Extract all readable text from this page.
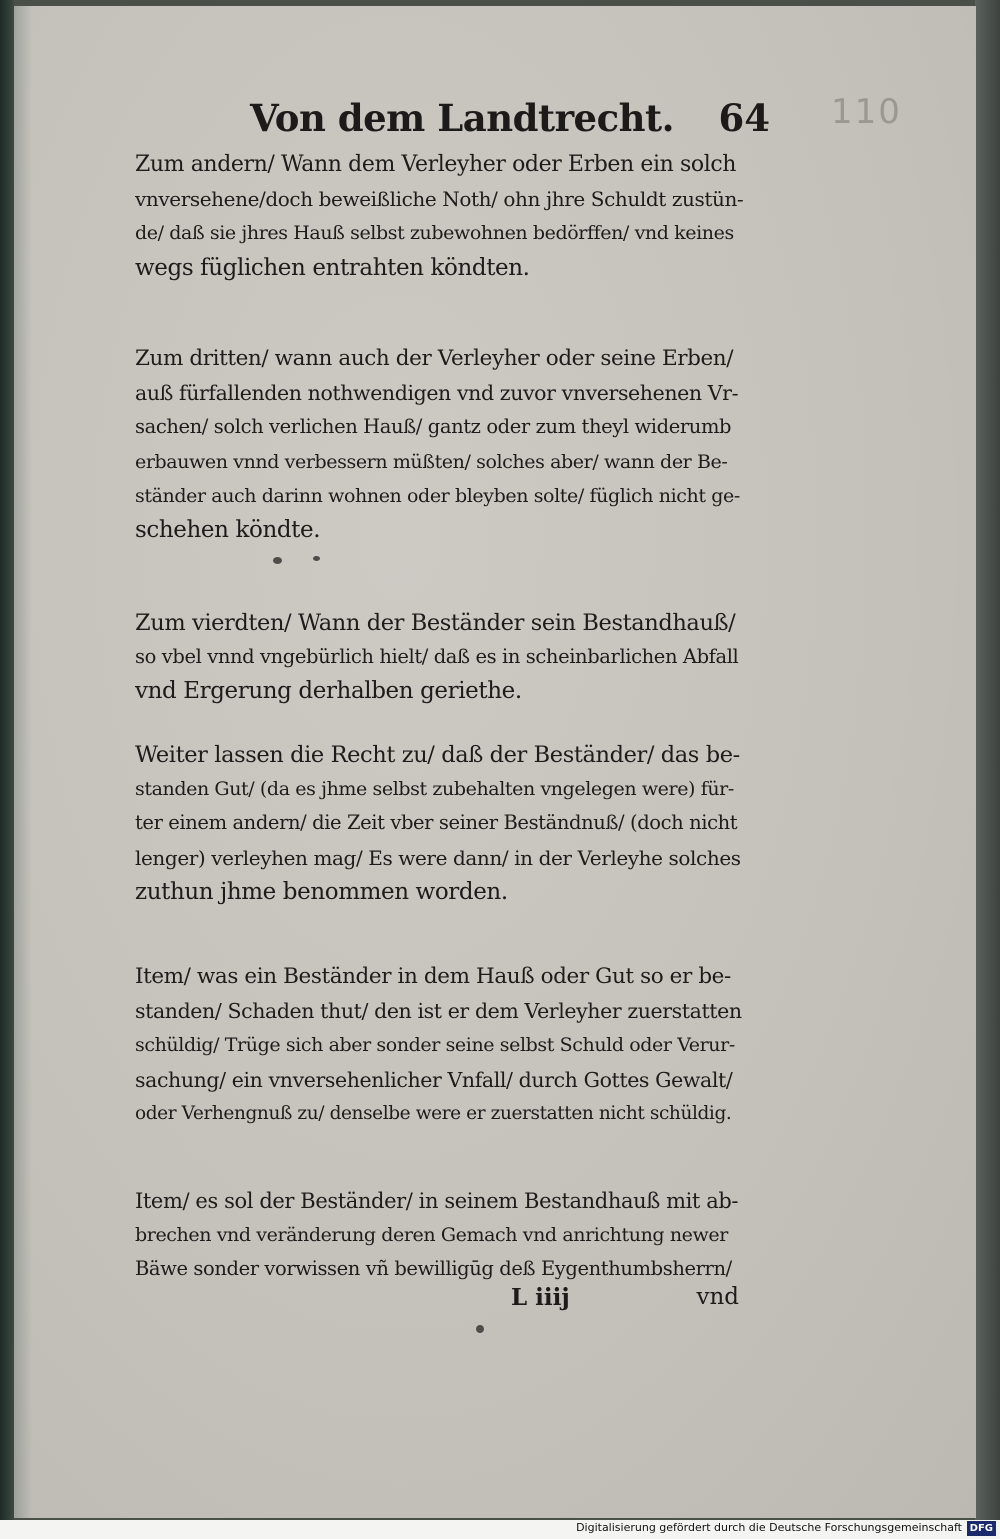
Von dem Landtrecht. 64 110
Zum andern/ Wann dem Verleyher oder Erben ein solch
vnversehene/doch beweißliche Noth/ ohn jhre Schuldt zustün-
de/ daß sie jhres Hauß selbst zubewohnen bedörffen/ vnd keines
wegs füglichen entrahten köndten.
Zum dritten/ wann auch der Verleyher oder seine Erben/
auß fürfallenden nothwendigen vnd zuvor vnversehenen Vr-
sachen/ solch verlichen Hauß/ gantz oder zum theyl widerumb
erbauwen vnnd verbessern müßten/ solches aber/ wann der Be-
ständer auch darinn wohnen oder bleyben solte/ füglich nicht ge-
schehen köndte.
Zum vierdten/ Wann der Beständer sein Bestandhauß/
so vbel vnnd vngebürlich hielt/ daß es in scheinbarlichen Abfall
vnd Ergerung derhalben geriethe.
Weiter lassen die Recht zu/ daß der Beständer/ das be-
standen Gut/ (da es jhme selbst zubehalten vngelegen were) für-
ter einem andern/ die Zeit vber seiner Beständnuß/ (doch nicht
lenger) verleyhen mag/ Es were dann/ in der Verleyhe solches
zuthun jhme benommen worden.
Item/ was ein Beständer in dem Hauß oder Gut so er be-
standen/ Schaden thut/ den ist er dem Verleyher zuerstatten
schüldig/ Trüge sich aber sonder seine selbst Schuld oder Verur-
sachung/ ein vnversehenlicher Vnfall/ durch Gottes Gewalt/
oder Verhengnuß zu/ denselbe were er zuerstatten nicht schüldig.
Item/ es sol der Beständer/ in seinem Bestandhauß mit ab-
brechen vnd veränderung deren Gemach vnd anrichtung newer
Bäwe sonder vorwissen vñ bewilligūg deß Eygenthumbsherrn/
L iiij	vnd
Digitalisierung gefördert durch die Deutsche Forschungsgemeinschaft DFG
